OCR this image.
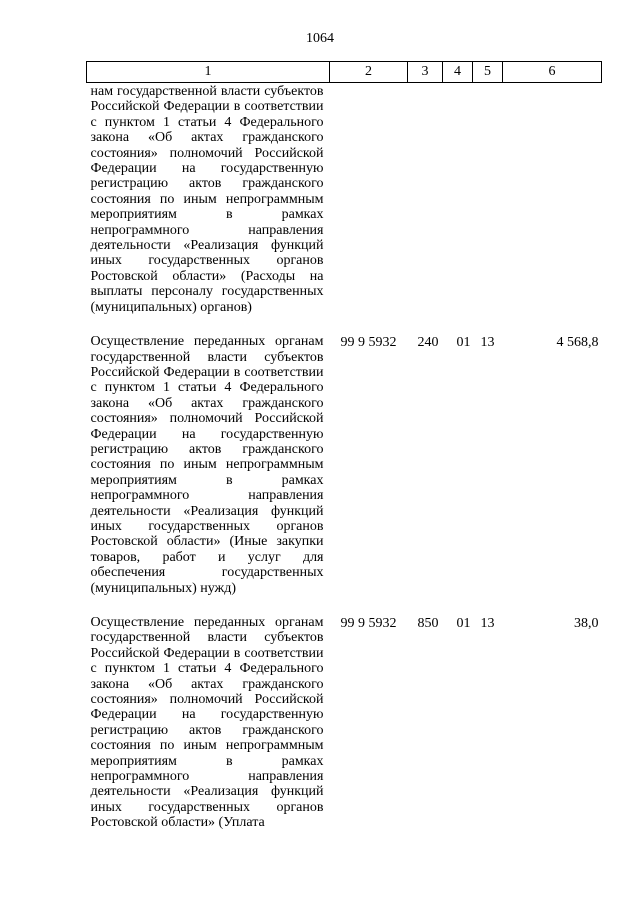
1064
1	2	3	4	5	6
нам государственной власти субъектов Российской Федерации в соответствии с пунктом 1 статьи 4 Федерального закона «Об актах гражданского состояния» полномочий Российской Федерации на государственную регистрацию актов гражданского состояния по иным непрограммным мероприятиям в рамках непрограммного направления деятельности «Реализация функций иных государственных органов Ростовской области» (Расходы на выплаты персоналу государственных (муниципальных) органов)					
Осуществление переданных органам государственной власти субъектов Российской Федерации в соответствии с пунктом 1 статьи 4 Федерального закона «Об актах гражданского состояния» полномочий Российской Федерации на государственную регистрацию актов гражданского состояния по иным непрограммным мероприятиям в рамках непрограммного направления деятельности «Реализация функций иных государственных органов Ростовской области» (Иные закупки товаров, работ и услуг для обеспечения государственных (муниципальных) нужд)	99 9 5932	240	01	13	4 568,8
Осуществление переданных органам государственной власти субъектов Российской Федерации в соответствии с пунктом 1 статьи 4 Федерального закона «Об актах гражданского состояния» полномочий Российской Федерации на государственную регистрацию актов гражданского состояния по иным непрограммным мероприятиям в рамках непрограммного направления деятельности «Реализация функций иных государственных органов Ростовской области» (Уплата	99 9 5932	850	01	13	38,0
